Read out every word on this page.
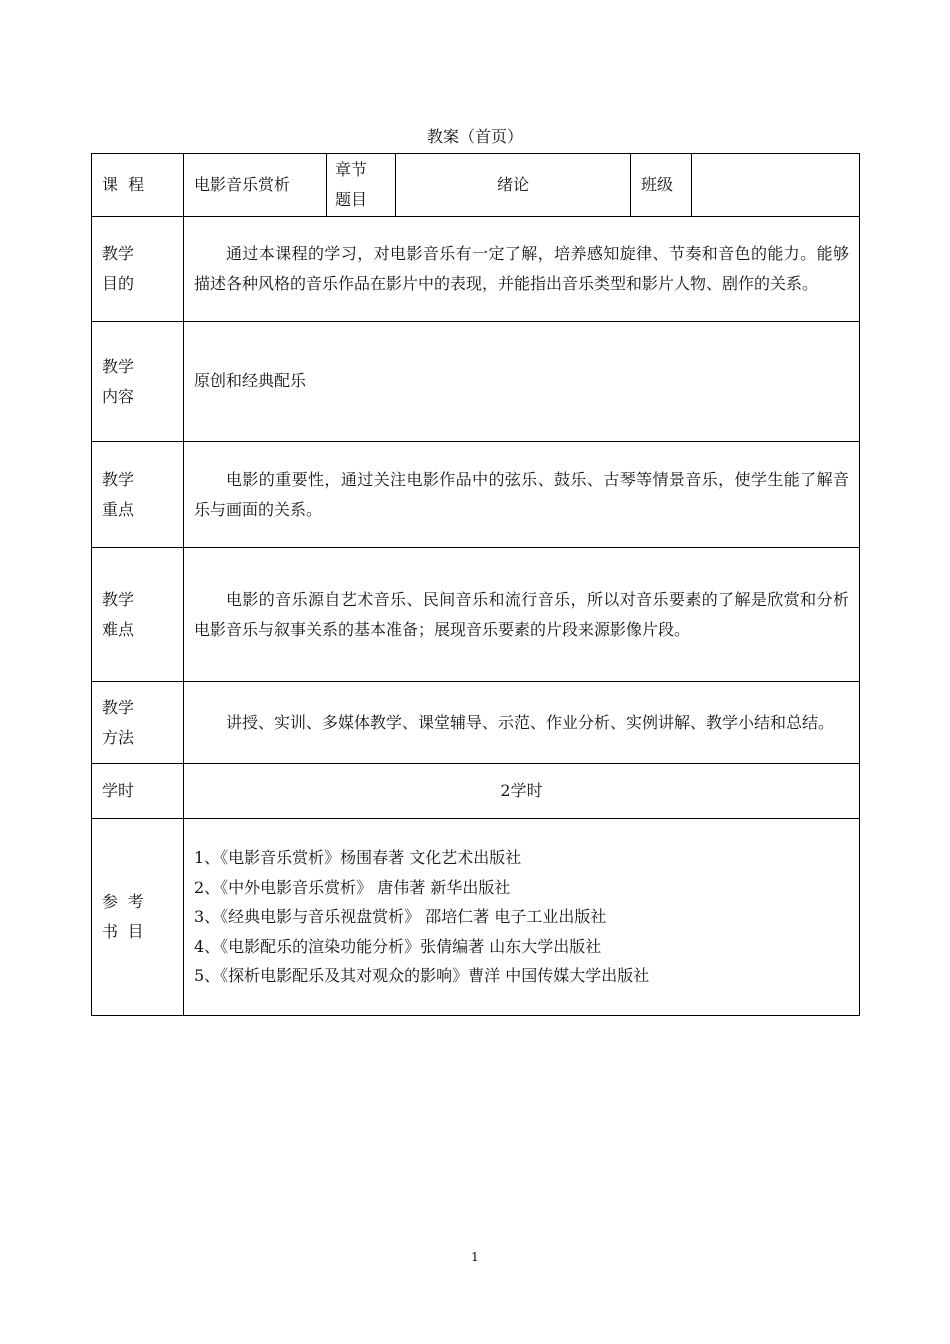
教案（首页）
课  程	电影音乐赏析	章节题目	绪论	班级	

教学目的	通过本课程的学习，对电影音乐有一定了解，培养感知旋律、节奏和音色的能力。能够描述各种风格的音乐作品在影片中的表现，并能指出音乐类型和影片人物、剧作的关系。				

教学内容	原创和经典配乐				

教学重点	电影的重要性，通过关注电影作品中的弦乐、鼓乐、古琴等情景音乐，使学生能了解音乐与画面的关系。				

教学难点	电影的音乐源自艺术音乐、民间音乐和流行音乐，所以对音乐要素的了解是欣赏和分析电影音乐与叙事关系的基本准备；展现音乐要素的片段来源影像片段。				

教学方法	讲授、实训、多媒体教学、课堂辅导、示范、作业分析、实例讲解、教学小结和总结。				
学时	2学时				

参考书目	1、《电影音乐赏析》杨围春著 文化艺术出版社
2、《中外电影音乐赏析》 唐伟著 新华出版社
3、《经典电影与音乐视盘赏析》 邵培仁著 电子工业出版社
4、《电影配乐的渲染功能分析》张倩编著 山东大学出版社
5、《探析电影配乐及其对观众的影响》曹洋 中国传媒大学出版社				
1
